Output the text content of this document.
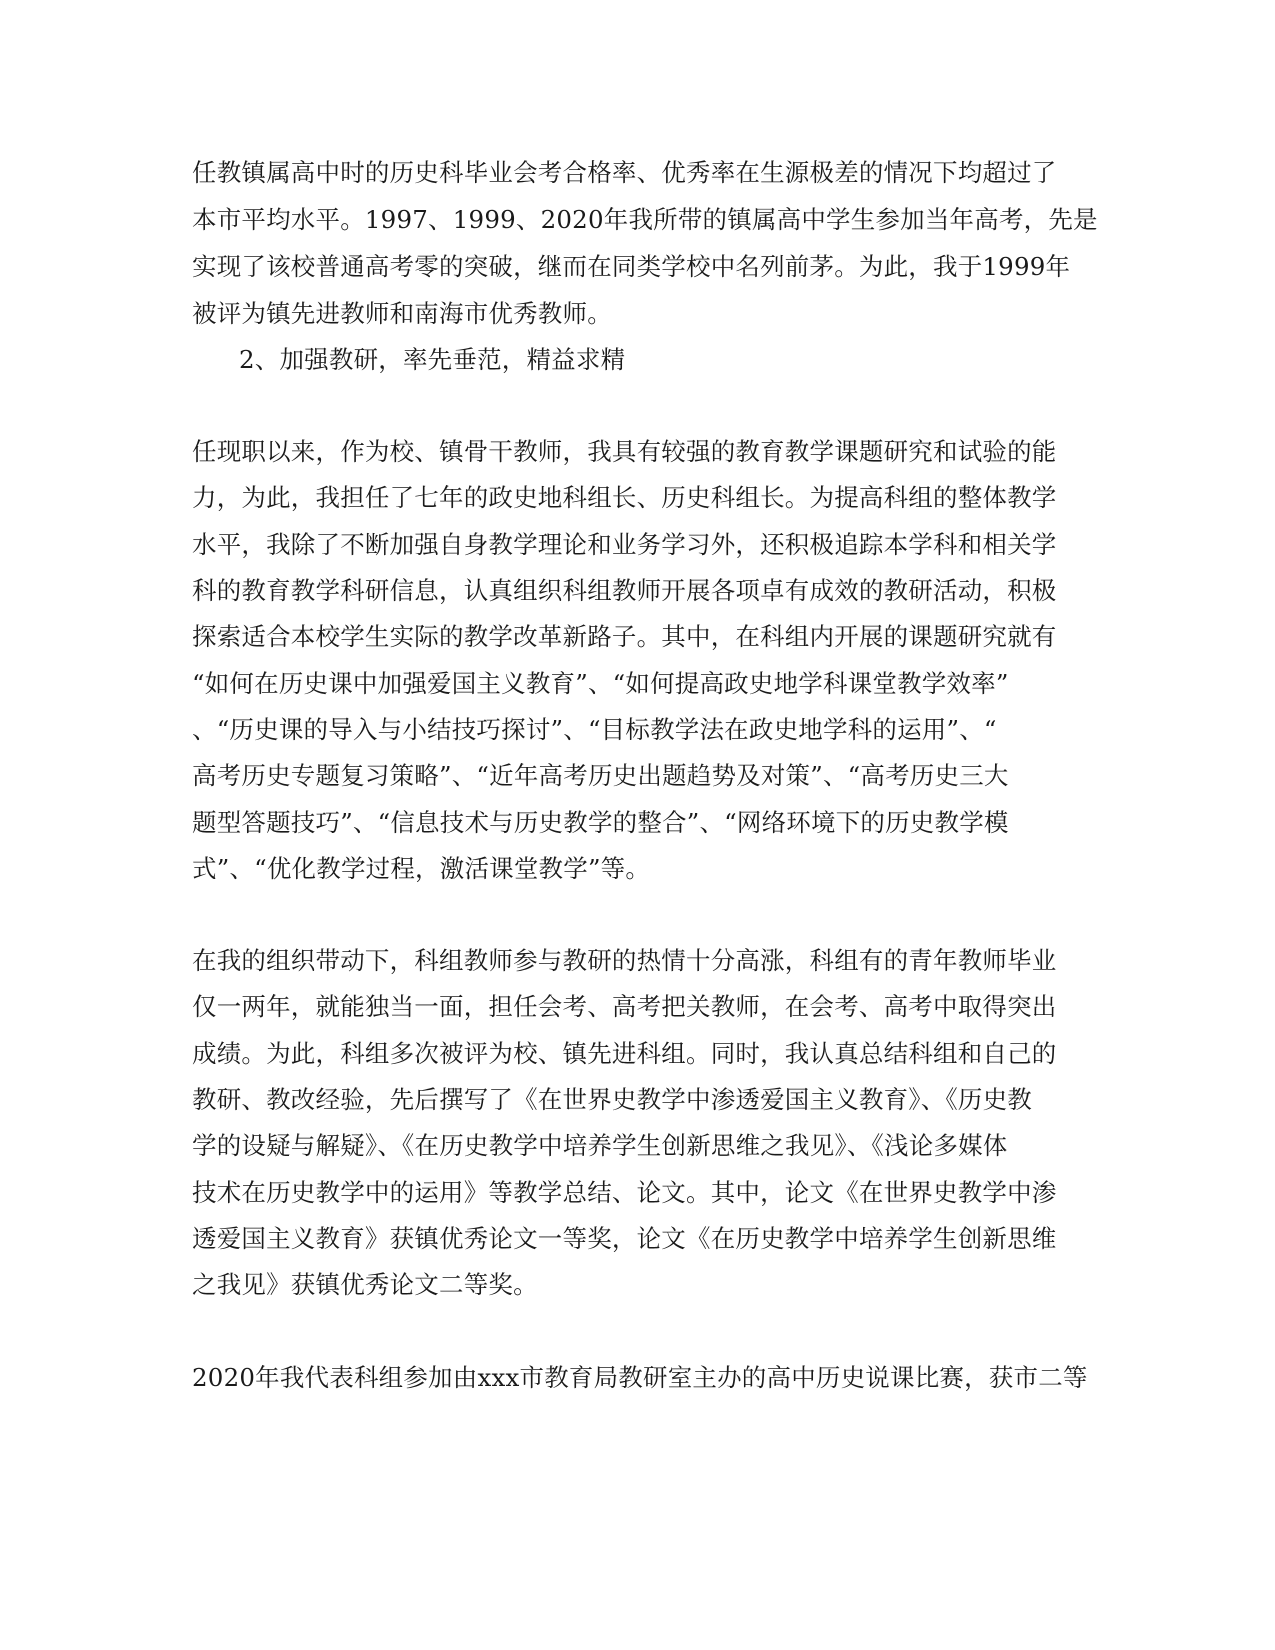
任教镇属高中时的历史科毕业会考合格率、优秀率在生源极差的情况下均超过了
本市平均水平。1997、1999、2020年我所带的镇属高中学生参加当年高考，先是
实现了该校普通高考零的突破，继而在同类学校中名列前茅。为此，我于1999年
被评为镇先进教师和南海市优秀教师。
2、加强教研，率先垂范，精益求精
任现职以来，作为校、镇骨干教师，我具有较强的教育教学课题研究和试验的能
力，为此，我担任了七年的政史地科组长、历史科组长。为提高科组的整体教学
水平，我除了不断加强自身教学理论和业务学习外，还积极追踪本学科和相关学
科的教育教学科研信息，认真组织科组教师开展各项卓有成效的教研活动，积极
探索适合本校学生实际的教学改革新路子。其中，在科组内开展的课题研究就有
“如何在历史课中加强爱国主义教育”、“如何提高政史地学科课堂教学效率”
、“历史课的导入与小结技巧探讨”、“目标教学法在政史地学科的运用”、“
高考历史专题复习策略”、“近年高考历史出题趋势及对策”、“高考历史三大
题型答题技巧”、“信息技术与历史教学的整合”、“网络环境下的历史教学模
式”、“优化教学过程，激活课堂教学”等。
在我的组织带动下，科组教师参与教研的热情十分高涨，科组有的青年教师毕业
仅一两年，就能独当一面，担任会考、高考把关教师，在会考、高考中取得突出
成绩。为此，科组多次被评为校、镇先进科组。同时，我认真总结科组和自己的
教研、教改经验，先后撰写了《在世界史教学中渗透爱国主义教育》、《历史教
学的设疑与解疑》、《在历史教学中培养学生创新思维之我见》、《浅论多媒体
技术在历史教学中的运用》等教学总结、论文。其中，论文《在世界史教学中渗
透爱国主义教育》获镇优秀论文一等奖，论文《在历史教学中培养学生创新思维
之我见》获镇优秀论文二等奖。
2020年我代表科组参加由xxx市教育局教研室主办的高中历史说课比赛，获市二等
